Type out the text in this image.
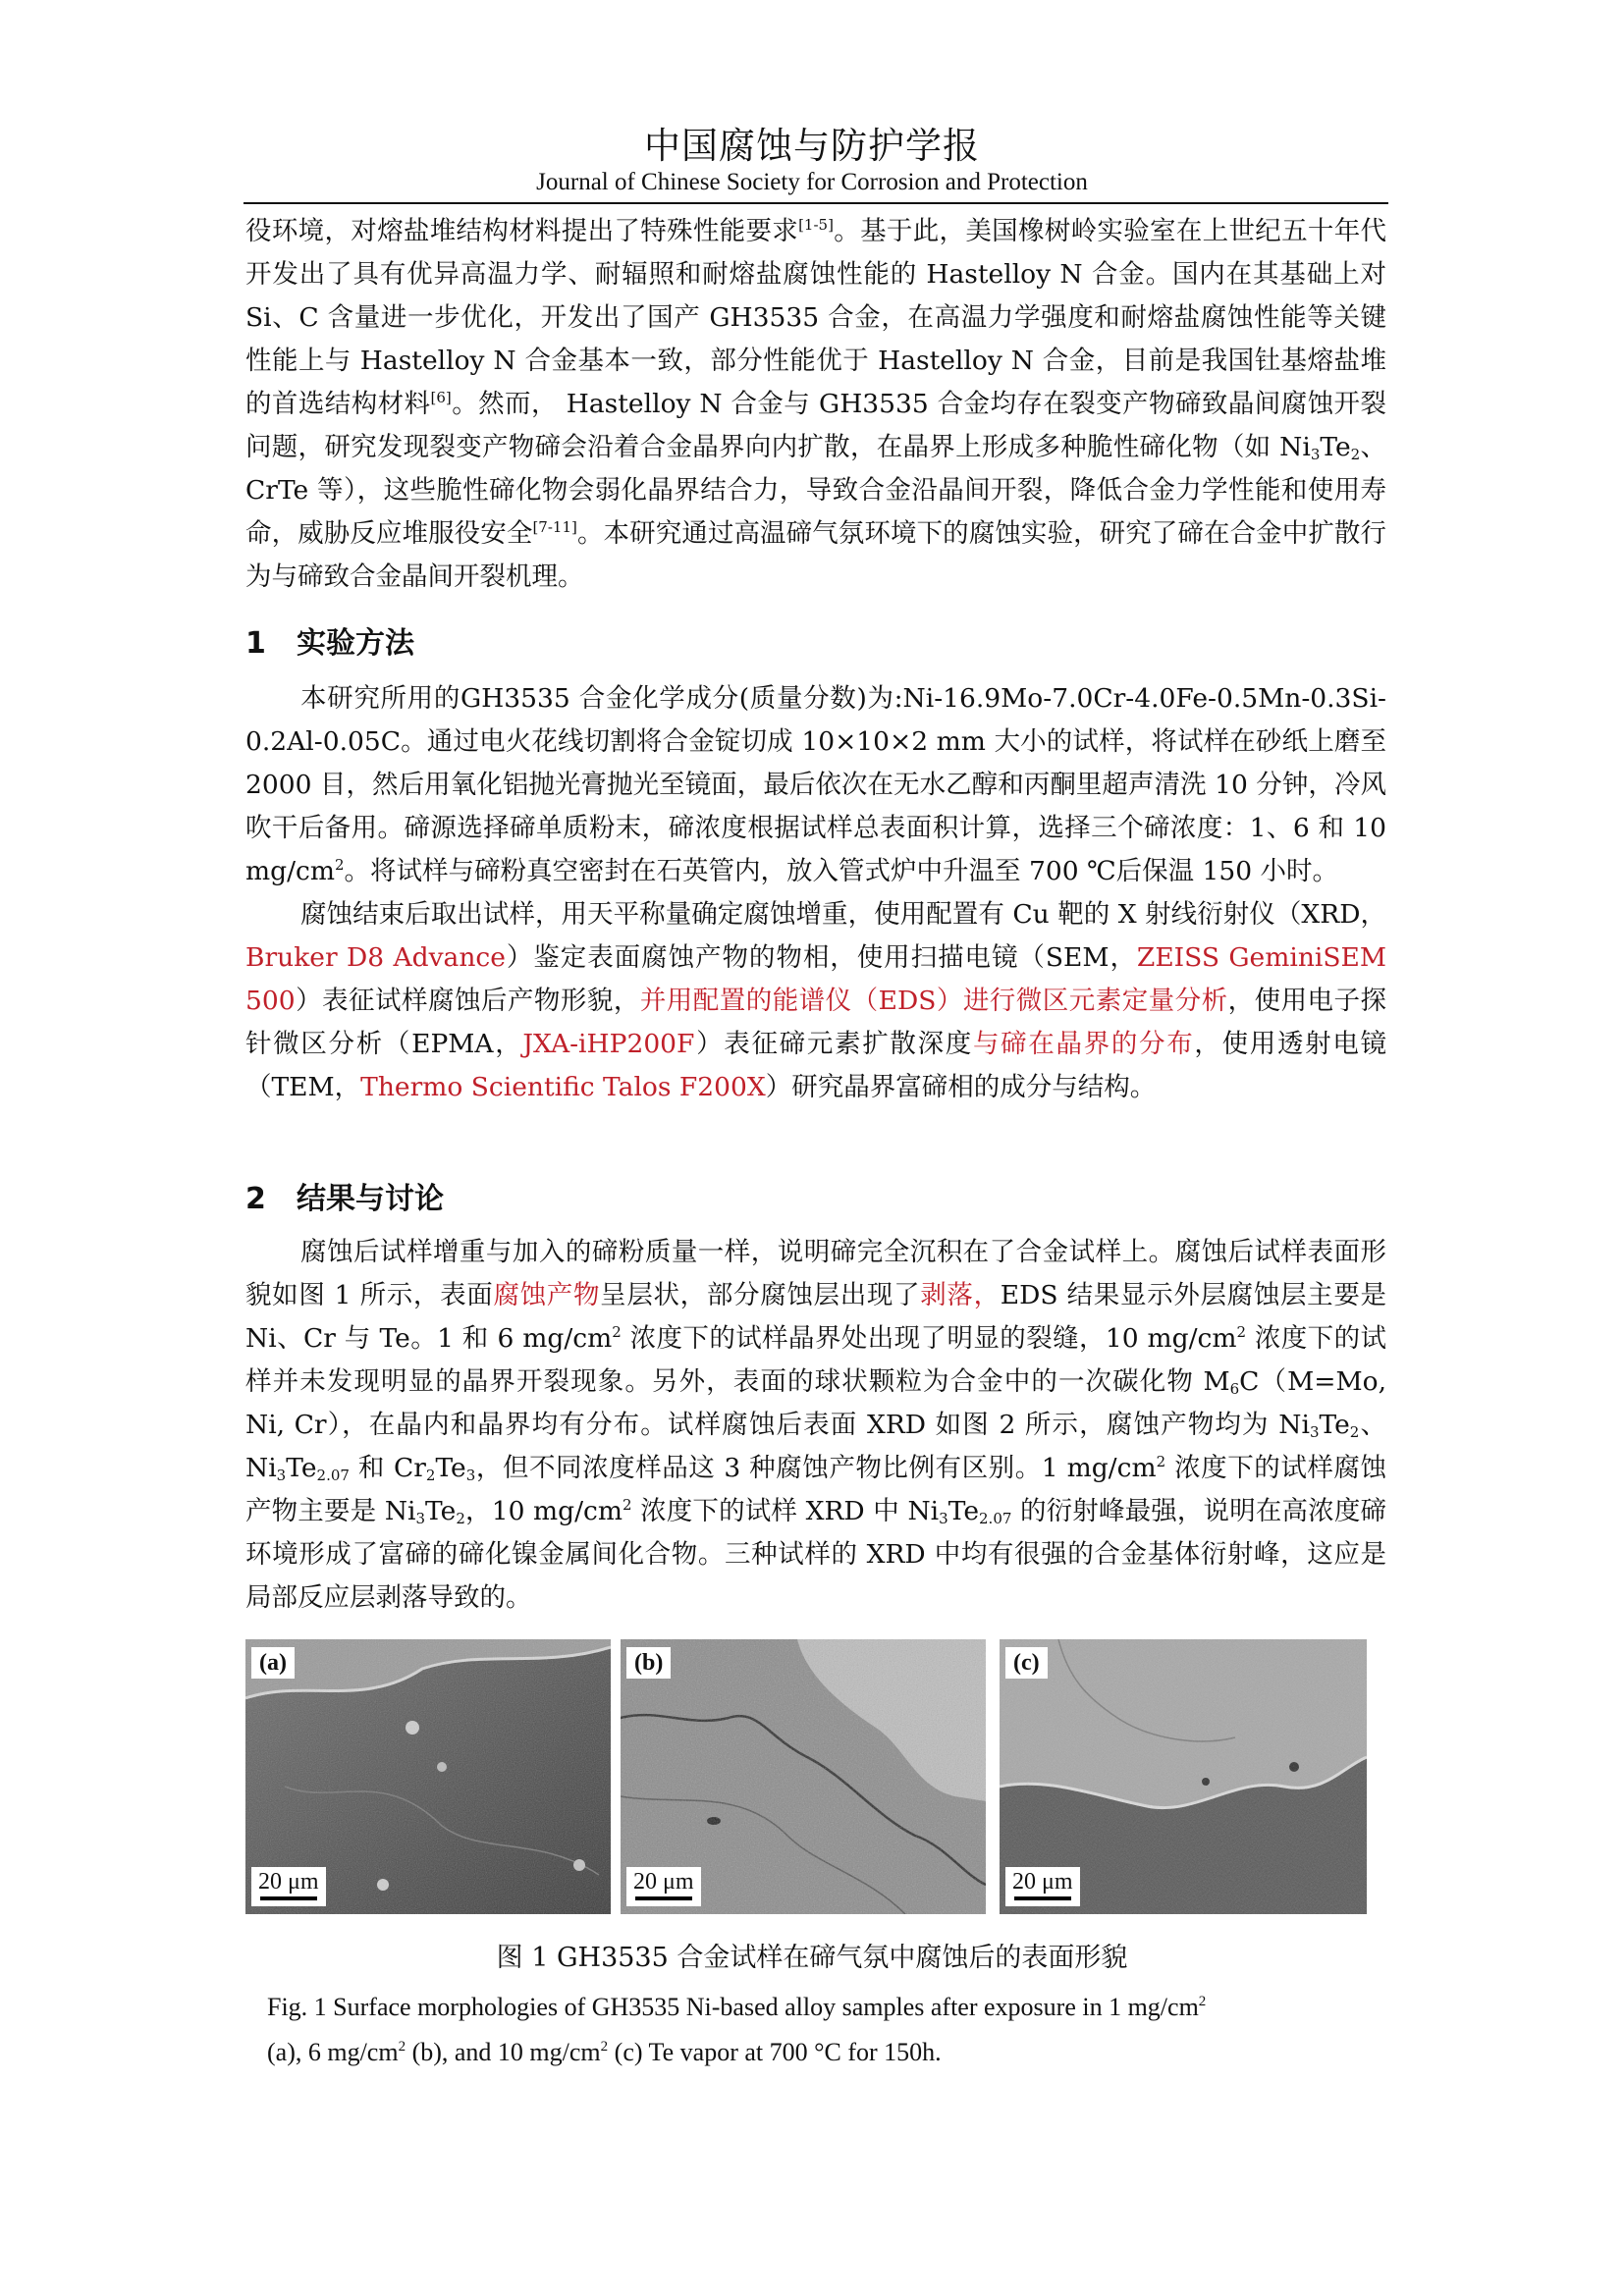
中国腐蚀与防护学报
Journal of Chinese Society for Corrosion and Protection

役环境，对熔盐堆结构材料提出了特殊性能要求[1-5]。基于此，美国橡树岭实验室在上世纪五十年代开发出了具有优异高温力学、耐辐照和耐熔盐腐蚀性能的 Hastelloy N 合金。国内在其基础上对 Si、C 含量进一步优化，开发出了国产 GH3535 合金，在高温力学强度和耐熔盐腐蚀性能等关键性能上与 Hastelloy N 合金基本一致，部分性能优于 Hastelloy N 合金，目前是我国钍基熔盐堆的首选结构材料[6]。然而， Hastelloy N 合金与 GH3535 合金均存在裂变产物碲致晶间腐蚀开裂问题，研究发现裂变产物碲会沿着合金晶界向内扩散，在晶界上形成多种脆性碲化物（如 $Ni_3Te_2$、CrTe 等），这些脆性碲化物会弱化晶界结合力，导致合金沿晶间开裂，降低合金力学性能和使用寿命，威胁反应堆服役安全[7-11]。本研究通过高温碲气氛环境下的腐蚀实验，研究了碲在合金中扩散行为与碲致合金晶间开裂机理。

1 实验方法

本研究所用的GH3535 合金化学成分(质量分数)为:Ni-16.9Mo-7.0Cr-4.0Fe-0.5Mn-0.3Si-0.2Al-0.05C。通过电火花线切割将合金锭切成 10×10×2 mm 大小的试样，将试样在砂纸上磨至 2000 目，然后用氧化铝抛光膏抛光至镜面，最后依次在无水乙醇和丙酮里超声清洗 10 分钟，冷风吹干后备用。碲源选择碲单质粉末，碲浓度根据试样总表面积计算，选择三个碲浓度：1、6 和 10 $mg/cm^2$。将试样与碲粉真空密封在石英管内，放入管式炉中升温至 700 ℃后保温 150 小时。

腐蚀结束后取出试样，用天平称量确定腐蚀增重，使用配置有 Cu 靶的 X 射线衍射仪（XRD，Bruker D8 Advance）鉴定表面腐蚀产物的物相，使用扫描电镜（SEM，ZEISS GeminiSEM 500）表征试样腐蚀后产物形貌，并用配置的能谱仪（EDS）进行微区元素定量分析，使用电子探针微区分析（EPMA，JXA-iHP200F）表征碲元素扩散深度与碲在晶界的分布，使用透射电镜（TEM，Thermo Scientific Talos F200X）研究晶界富碲相的成分与结构。

2 结果与讨论

腐蚀后试样增重与加入的碲粉质量一样，说明碲完全沉积在了合金试样上。腐蚀后试样表面形貌如图 1 所示，表面腐蚀产物呈层状，部分腐蚀层出现了剥落，EDS 结果显示外层腐蚀层主要是 Ni、Cr 与 Te。1 和 6 $mg/cm^2$ 浓度下的试样晶界处出现了明显的裂缝，10 $mg/cm^2$ 浓度下的试样并未发现明显的晶界开裂现象。另外，表面的球状颗粒为合金中的一次碳化物 $M_6C(M=Mo$, Ni, Cr），在晶内和晶界均有分布。试样腐蚀后表面 XRD 如图 2 所示，腐蚀产物均为 $Ni_3Te_2$、$Ni_3Te_{2.07}$ 和 $Cr_2Te_3$，但不同浓度样品这 3 种腐蚀产物比例有区别。1 $mg/cm^2$ 浓度下的试样腐蚀产物主要是 $Ni_3Te_2$，10 $mg/cm^2$ 浓度下的试样 XRD 中 $Ni_3Te_{2.07}$ 的衍射峰最强，说明在高浓度碲环境形成了富碲的碲化镍金属间化合物。三种试样的 XRD 中均有很强的合金基体衍射峰，这应是局部反应层剥落导致的。

(a)
20 μm
(b)
20 μm
(c)
20 μm
图 1 GH3535 合金试样在碲气氛中腐蚀后的表面形貌
Fig. 1 Surface morphologies of GH3535 Ni-based alloy samples after exposure in 1 $mg/cm^2$
(a), 6 $mg/cm^2$ (b), and 10 $mg/cm^2$ (c) Te vapor at 700 °C for 150h.
